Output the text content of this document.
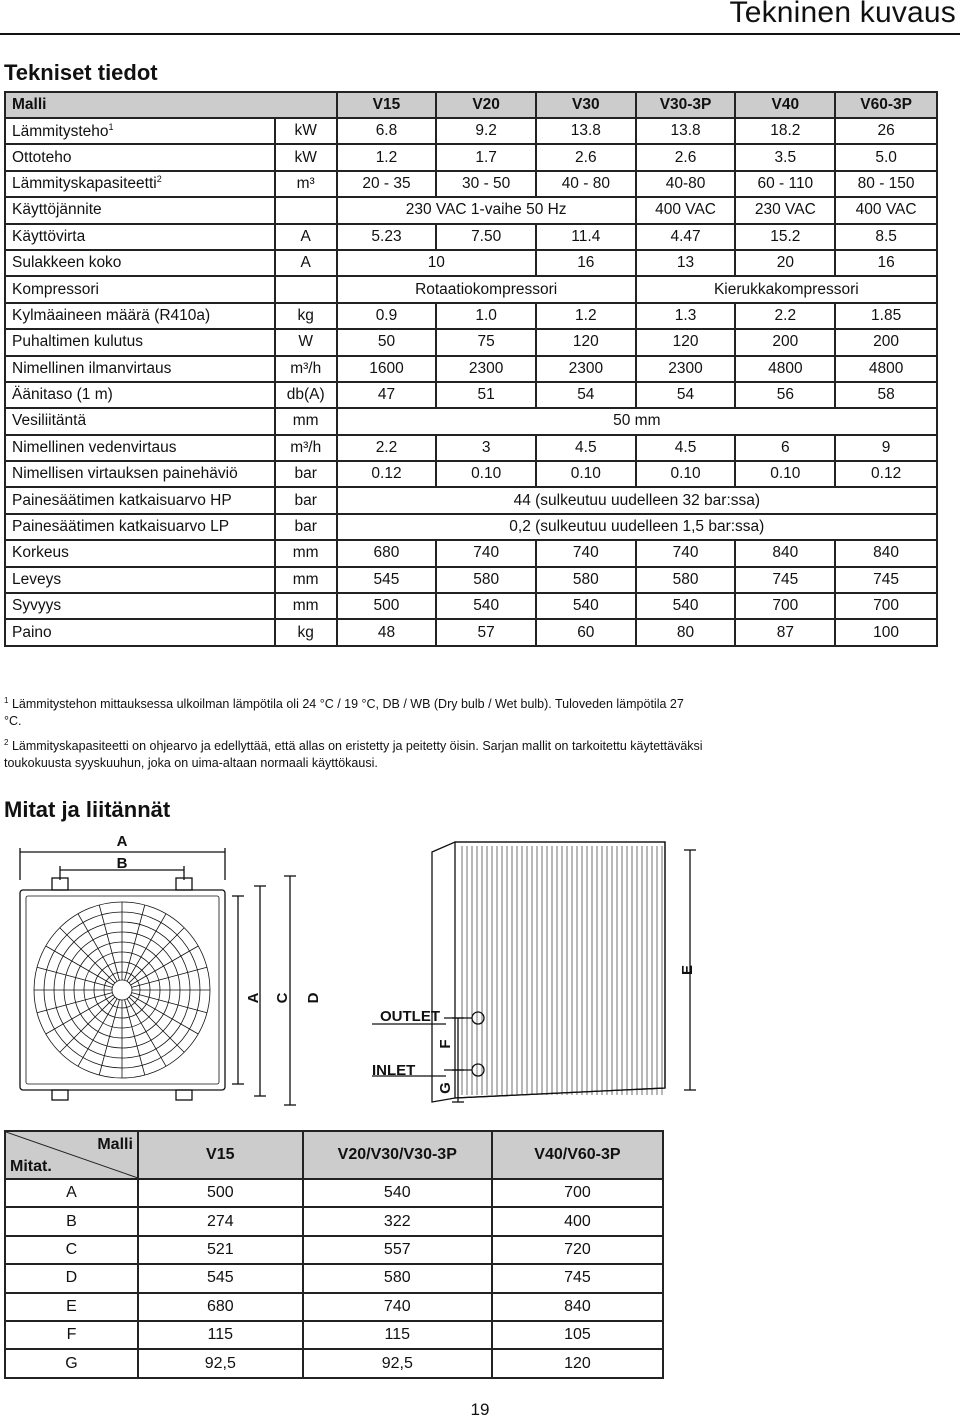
Tekninen kuvaus
Tekniset tiedot
Malli		V15	V20	V30	V30-3P	V40	V60-3P
Lämmitysteho$^1$	kW	6.8	9.2	13.8	13.8	18.2	26
Ottoteho	kW	1.2	1.7	2.6	2.6	3.5	5.0
Lämmityskapasiteetti$^2$	m³	20 - 35	30 - 50	40 - 80	40-80	60 - 110	80 - 150
Käyttöjännite		230 VAC 1-vaihe 50 Hz			400 VAC	230 VAC	400 VAC
Käyttövirta	A	5.23	7.50	11.4	4.47	15.2	8.5
Sulakkeen koko	A	10		16	13	20	16
Kompressori		Rotaatiokompressori			Kierukkakompressori		
Kylmäaineen määrä (R410a)	kg	0.9	1.0	1.2	1.3	2.2	1.85
Puhaltimen kulutus	W	50	75	120	120	200	200
Nimellinen ilmanvirtaus	m³/h	1600	2300	2300	2300	4800	4800
Äänitaso (1 m)	db(A)	47	51	54	54	56	58
Vesiliitäntä	mm	50 mm					
Nimellinen vedenvirtaus	m³/h	2.2	3	4.5	4.5	6	9
Nimellisen virtauksen painehäviö	bar	0.12	0.10	0.10	0.10	0.10	0.12
Painesäätimen katkaisuarvo HP	bar	44 (sulkeutuu uudelleen 32 bar:ssa)					
Painesäätimen katkaisuarvo LP	bar	0,2 (sulkeutuu uudelleen 1,5 bar:ssa)					
Korkeus	mm	680	740	740	740	840	840
Leveys	mm	545	580	580	580	745	745
Syvyys	mm	500	540	540	540	700	700
Paino	kg	48	57	60	80	87	100

$^1$ Lämmitystehon mittauksessa ulkoilman lämpötila oli 24 °C / 19 °C, DB / WB (Dry bulb / Wet bulb). Tuloveden lämpötila 27 °C.

$^2$ Lämmityskapasiteetti on ohjearvo ja edellyttää, että allas on eristetty ja peitetty öisin. Sarjan mallit on tarkoitettu käytettäväksi toukokuusta syyskuuhun, joka on uima-altaan normaali käyttökausi.

Mitat ja liitännät
A
B
A C D
E
F
G
OUTLET
INLET
Malli
Mitat.	V15	V20/V30/V30-3P	V40/V60-3P
A	500	540	700
B	274	322	400
C	521	557	720
D	545	580	745
E	680	740	840
F	115	115	105
G	92,5	92,5	120
19
